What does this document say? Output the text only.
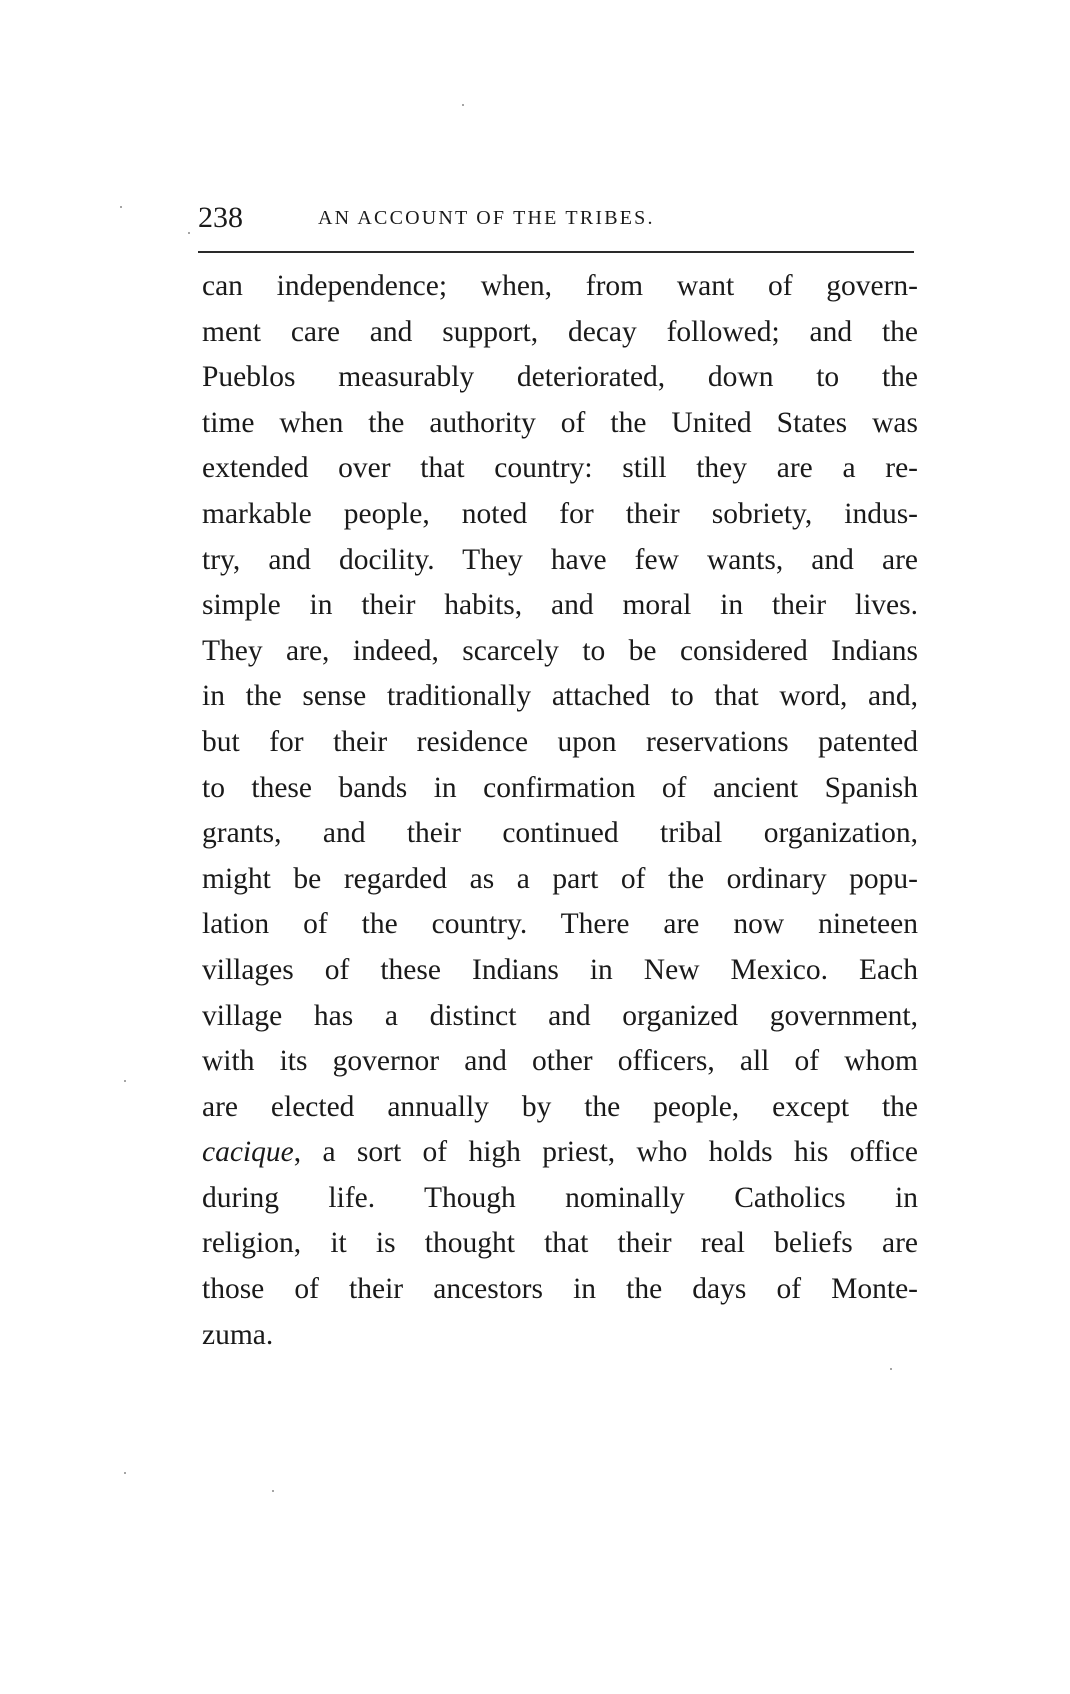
238	AN ACCOUNT OF THE TRIBES.
can independence; when, from want of govern-
ment care and support, decay followed; and the
Pueblos measurably deteriorated, down to the
time when the authority of the United States was
extended over that country: still they are a re-
markable people, noted for their sobriety, indus-
try, and docility. They have few wants, and are
simple in their habits, and moral in their lives.
They are, indeed, scarcely to be considered Indians
in the sense traditionally attached to that word, and,
but for their residence upon reservations patented
to these bands in confirmation of ancient Spanish
grants, and their continued tribal organization,
might be regarded as a part of the ordinary popu-
lation of the country. There are now nineteen
villages of these Indians in New Mexico. Each
village has a distinct and organized government,
with its governor and other officers, all of whom
are elected annually by the people, except the
cacique, a sort of high priest, who holds his office
during life. Though nominally Catholics in
religion, it is thought that their real beliefs are
those of their ancestors in the days of Monte-
zuma.
